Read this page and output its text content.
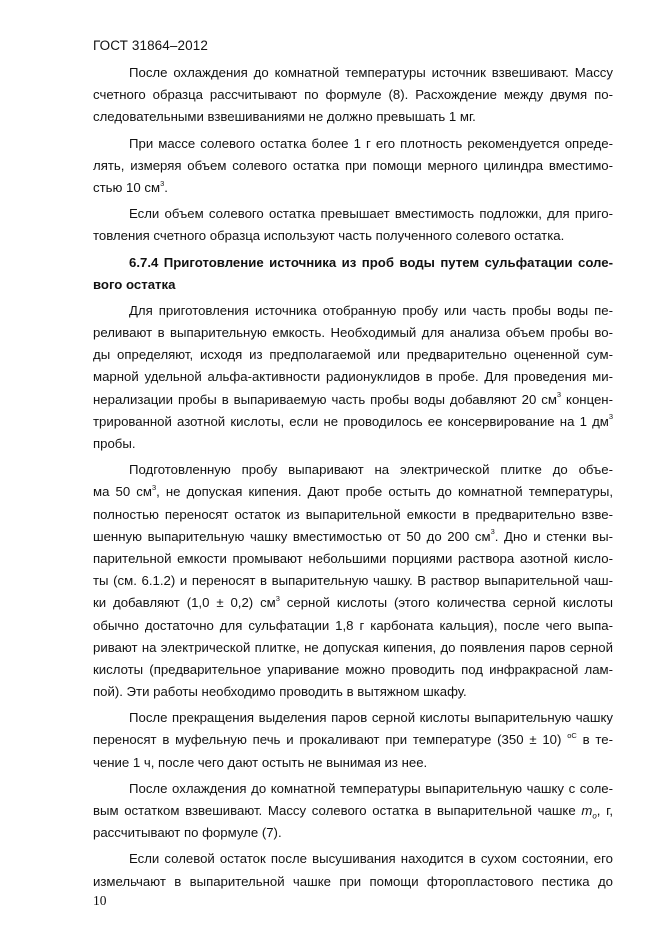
ГОСТ 31864–2012
После охлаждения до комнатной температуры источник взвешивают. Массу
счетного образца рассчитывают по формуле (8). Расхождение между двумя по-
следовательными взвешиваниями не должно превышать 1 мг.
При массе солевого остатка более 1 г его плотность рекомендуется опреде-
лять, измеряя объем солевого остатка при помощи мерного цилиндра вместимо-
стью 10 $см^3$.
Если объем солевого остатка превышает вместимость подложки, для приго-
товления счетного образца используют часть полученного солевого остатка.
6.7.4 Приготовление источника из проб воды путем сульфатации соле-
вого остатка
Для приготовления источника отобранную пробу или часть пробы воды пе-
реливают в выпарительную емкость. Необходимый для анализа объем пробы во-
ды определяют, исходя из предполагаемой или предварительно оцененной сум-
марной удельной альфа-активности радионуклидов в пробе. Для проведения ми-
нерализации пробы в выпариваемую часть пробы воды добавляют 20 $см^3$ концен-
трированной азотной кислоты, если не проводилось ее консервирование на 1 $дм^3$
пробы.
Подготовленную пробу выпаривают на электрической плитке до объе-
ма 50 $см^3$, не допуская кипения. Дают пробе остыть до комнатной температуры,
полностью переносят остаток из выпарительной емкости в предварительно взве-
шенную выпарительную чашку вместимостью от 50 до 200 $см^3$. Дно и стенки вы-
парительной емкости промывают небольшими порциями раствора азотной кисло-
ты (см. 6.1.2) и переносят в выпарительную чашку. В раствор выпарительной чаш-
ки добавляют (1,0 ± 0,2) $см^3$ серной кислоты (этого количества серной кислоты
обычно достаточно для сульфатации 1,8 г карбоната кальция), после чего выпа-
ривают на электрической плитке, не допуская кипения, до появления паров серной
кислоты (предварительное упаривание можно проводить под инфракрасной лам-
пой). Эти работы необходимо проводить в вытяжном шкафу.
После прекращения выделения паров серной кислоты выпарительную чашку
переносят в муфельную печь и прокаливают при температуре (350 ± 10) $^{oC}$ в те-
чение 1 ч, после чего дают остыть не вынимая из нее.
После охлаждения до комнатной температуры выпарительную чашку с соле-
вым остатком взвешивают. Массу солевого остатка в выпарительной чашке $m_o$, г,
рассчитывают по формуле (7).
Если солевой остаток после высушивания находится в сухом состоянии, его
измельчают в выпарительной чашке при помощи фторопластового пестика до
10
